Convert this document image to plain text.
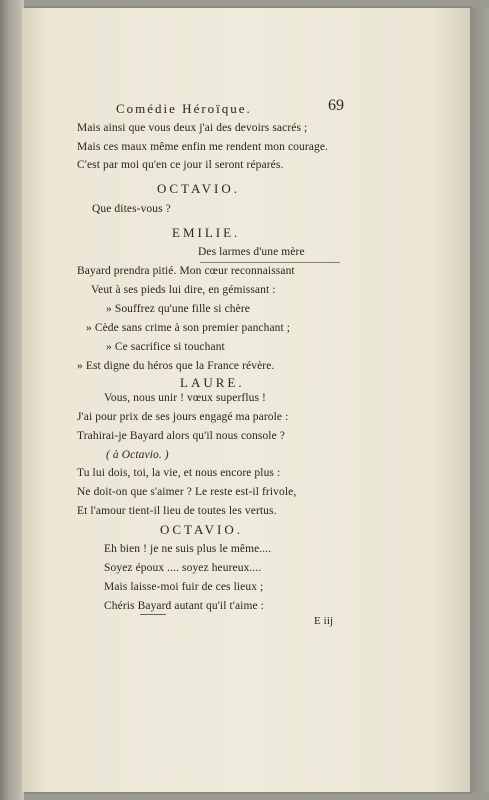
Comédie Héroïque.	69
Mais ainsi que vous deux j'ai des devoirs sacrés ;
Mais ces maux même enfin me rendent mon courage.
C'est par moi qu'en ce jour il seront réparés.
OCTAVIO.
Que dites-vous ?
EMILIE.
Des larmes d'une mère
Bayard prendra pitié. Mon cœur reconnaissant
Veut à ses pieds lui dire, en gémissant :
» Souffrez qu'une fille si chère
» Cède sans crime à son premier panchant ;
» Ce sacrifice si touchant
» Est digne du héros que la France révère.
LAURE.
Vous, nous unir ! vœux superflus !
J'ai pour prix de ses jours engagé ma parole :
Trahirai-je Bayard alors qu'il nous console ?
( à Octavio. )
Tu lui dois, toi, la vie, et nous encore plus :
Ne doit-on que s'aimer ? Le reste est-il frivole,
Et l'amour tient-il lieu de toutes les vertus.
OCTAVIO.
Eh bien ! je ne suis plus le même....
Soyez époux .... soyez heureux....
Mais laisse-moi fuir de ces lieux ;
Chéris Bayard autant qu'il t'aime :
E iij
